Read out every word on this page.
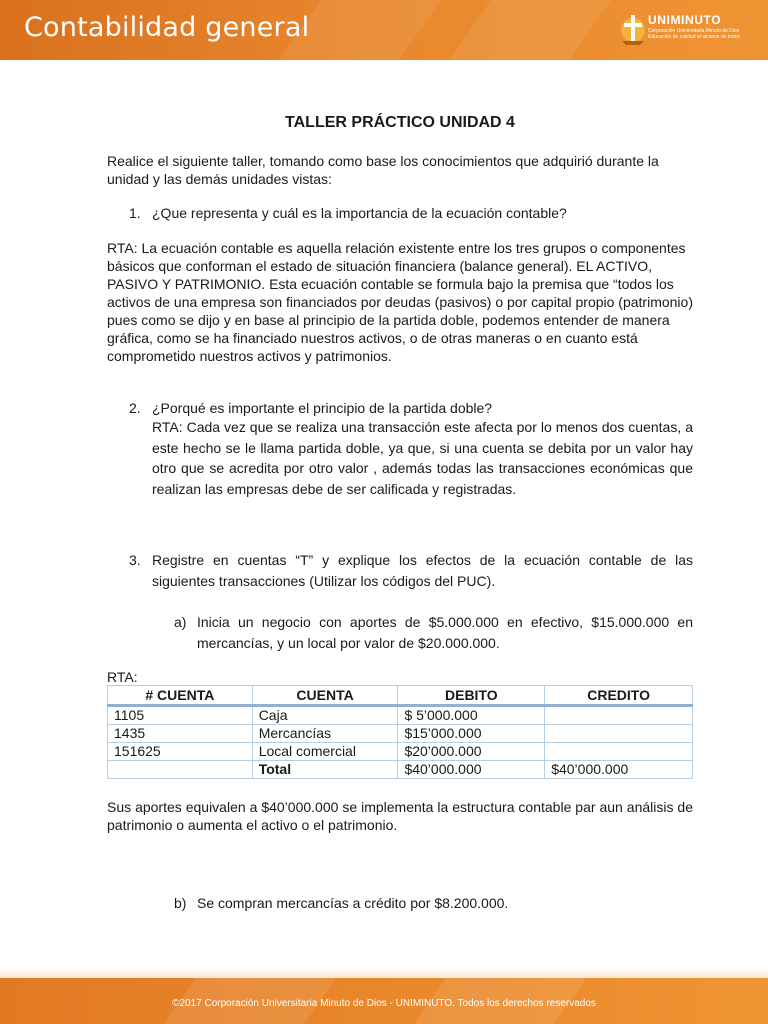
Contabilidad general	UNIMINUTO
Corporación Universitaria Minuto de Dios Educación de calidad al alcance de todos
TALLER PRÁCTICO UNIDAD 4

Realice el siguiente taller, tomando como base los conocimientos que adquirió durante la unidad y las demás unidades vistas:

1. ¿Que representa y cuál es la importancia de la ecuación contable?

RTA: La ecuación contable es aquella relación existente entre los tres grupos o componentes básicos que conforman el estado de situación financiera (balance general). EL ACTIVO, PASIVO Y PATRIMONIO. Esta ecuación contable se formula bajo la premisa que “todos los activos de una empresa son financiados por deudas (pasivos) o por capital propio (patrimonio) pues como se dijo y en base al principio de la partida doble, podemos entender de manera gráfica, como se ha financiado nuestros activos, o de otras maneras o en cuanto está comprometido nuestros activos y patrimonios.

2. ¿Porqué es importante el principio de la partida doble?

RTA: Cada vez que se realiza una transacción este afecta por lo menos dos cuentas, a este hecho se le llama partida doble, ya que, si una cuenta se debita por un valor hay otro que se acredita por otro valor , además todas las transacciones económicas que realizan las empresas debe de ser calificada y registradas.

3. Registre en cuentas “T” y explique los efectos de la ecuación contable de las siguientes transacciones (Utilizar los códigos del PUC).
a) Inicia un negocio con aportes de $5.000.000 en efectivo, $15.000.000 en mercancías, y un local por valor de $20.000.000.

RTA:

# CUENTA	CUENTA	DEBITO	CREDITO
1105	Caja	$ 5’000.000	
1435	Mercancías	$15’000.000	
151625	Local comercial	$20’000.000	
	Total	$40’000.000	$40’000.000

Sus aportes equivalen a $40’000.000 se implementa la estructura contable par aun análisis de patrimonio o aumenta el activo o el patrimonio.

b) Se compran mercancías a crédito por $8.200.000.
©2017 Corporación Universitaria Minuto de Dios - UNIMINUTO. Todos los derechos reservados
